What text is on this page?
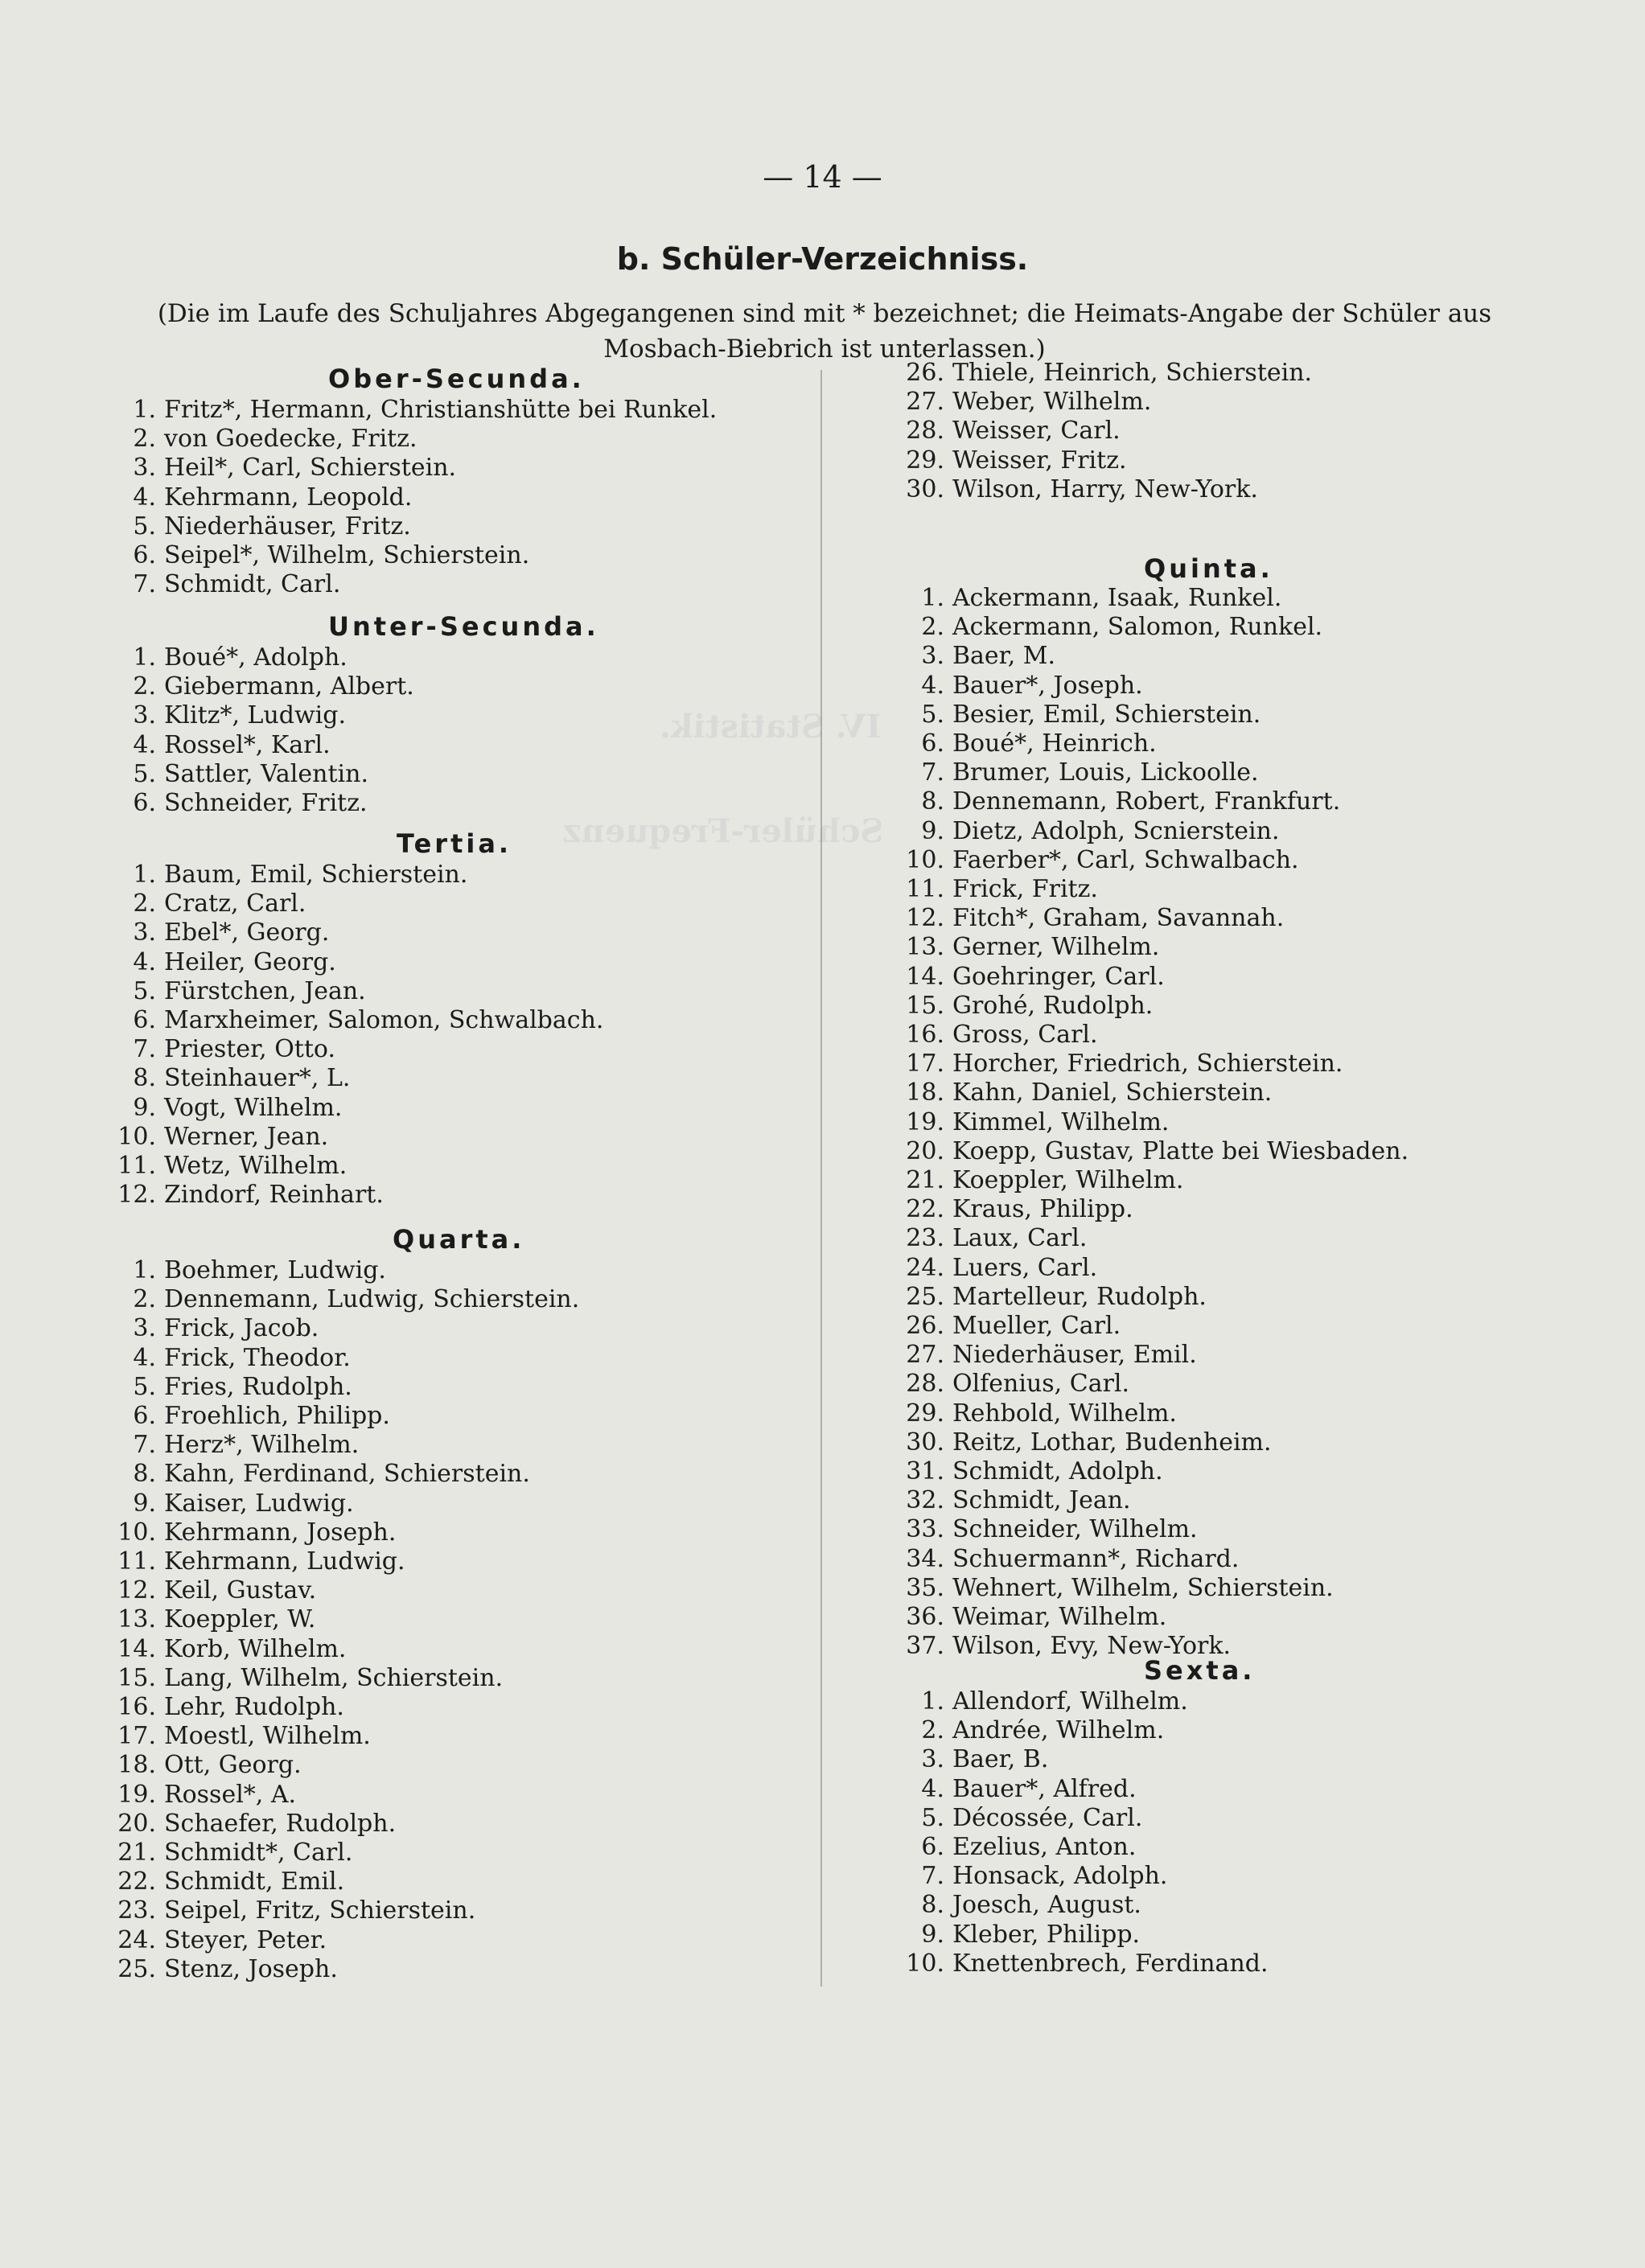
IV. Statistik.
Schüler-Frequenz
— 14 —
b. Schüler-Verzeichniss.
(Die im Laufe des Schuljahres Abgegangenen sind mit * bezeichnet; die Heimats-Angabe der Schüler aus Mosbach-Biebrich ist unterlassen.)
Ober-Secunda.
1. Fritz*, Hermann, Christianshütte bei Runkel.
2. von Goedecke, Fritz.
3. Heil*, Carl, Schierstein.
4. Kehrmann, Leopold.
5. Niederhäuser, Fritz.
6. Seipel*, Wilhelm, Schierstein.
7. Schmidt, Carl.
Unter-Secunda.
1. Boué*, Adolph.
2. Giebermann, Albert.
3. Klitz*, Ludwig.
4. Rossel*, Karl.
5. Sattler, Valentin.
6. Schneider, Fritz.
Tertia.
1. Baum, Emil, Schierstein.
2. Cratz, Carl.
3. Ebel*, Georg.
4. Heiler, Georg.
5. Fürstchen, Jean.
6. Marxheimer, Salomon, Schwalbach.
7. Priester, Otto.
8. Steinhauer*, L.
9. Vogt, Wilhelm.
10. Werner, Jean.
11. Wetz, Wilhelm.
12. Zindorf, Reinhart.
Quarta.
1. Boehmer, Ludwig.
2. Dennemann, Ludwig, Schierstein.
3. Frick, Jacob.
4. Frick, Theodor.
5. Fries, Rudolph.
6. Froehlich, Philipp.
7. Herz*, Wilhelm.
8. Kahn, Ferdinand, Schierstein.
9. Kaiser, Ludwig.
10. Kehrmann, Joseph.
11. Kehrmann, Ludwig.
12. Keil, Gustav.
13. Koeppler, W.
14. Korb, Wilhelm.
15. Lang, Wilhelm, Schierstein.
16. Lehr, Rudolph.
17. Moestl, Wilhelm.
18. Ott, Georg.
19. Rossel*, A.
20. Schaefer, Rudolph.
21. Schmidt*, Carl.
22. Schmidt, Emil.
23. Seipel, Fritz, Schierstein.
24. Steyer, Peter.
25. Stenz, Joseph.
26. Thiele, Heinrich, Schierstein.
27. Weber, Wilhelm.
28. Weisser, Carl.
29. Weisser, Fritz.
30. Wilson, Harry, New-York.
Quinta.
1. Ackermann, Isaak, Runkel.
2. Ackermann, Salomon, Runkel.
3. Baer, M.
4. Bauer*, Joseph.
5. Besier, Emil, Schierstein.
6. Boué*, Heinrich.
7. Brumer, Louis, Lickoolle.
8. Dennemann, Robert, Frankfurt.
9. Dietz, Adolph, Scnierstein.
10. Faerber*, Carl, Schwalbach.
11. Frick, Fritz.
12. Fitch*, Graham, Savannah.
13. Gerner, Wilhelm.
14. Goehringer, Carl.
15. Grohé, Rudolph.
16. Gross, Carl.
17. Horcher, Friedrich, Schierstein.
18. Kahn, Daniel, Schierstein.
19. Kimmel, Wilhelm.
20. Koepp, Gustav, Platte bei Wiesbaden.
21. Koeppler, Wilhelm.
22. Kraus, Philipp.
23. Laux, Carl.
24. Luers, Carl.
25. Martelleur, Rudolph.
26. Mueller, Carl.
27. Niederhäuser, Emil.
28. Olfenius, Carl.
29. Rehbold, Wilhelm.
30. Reitz, Lothar, Budenheim.
31. Schmidt, Adolph.
32. Schmidt, Jean.
33. Schneider, Wilhelm.
34. Schuermann*, Richard.
35. Wehnert, Wilhelm, Schierstein.
36. Weimar, Wilhelm.
37. Wilson, Evy, New-York.
Sexta.
1. Allendorf, Wilhelm.
2. Andrée, Wilhelm.
3. Baer, B.
4. Bauer*, Alfred.
5. Décossée, Carl.
6. Ezelius, Anton.
7. Honsack, Adolph.
8. Joesch, August.
9. Kleber, Philipp.
10. Knettenbrech, Ferdinand.
